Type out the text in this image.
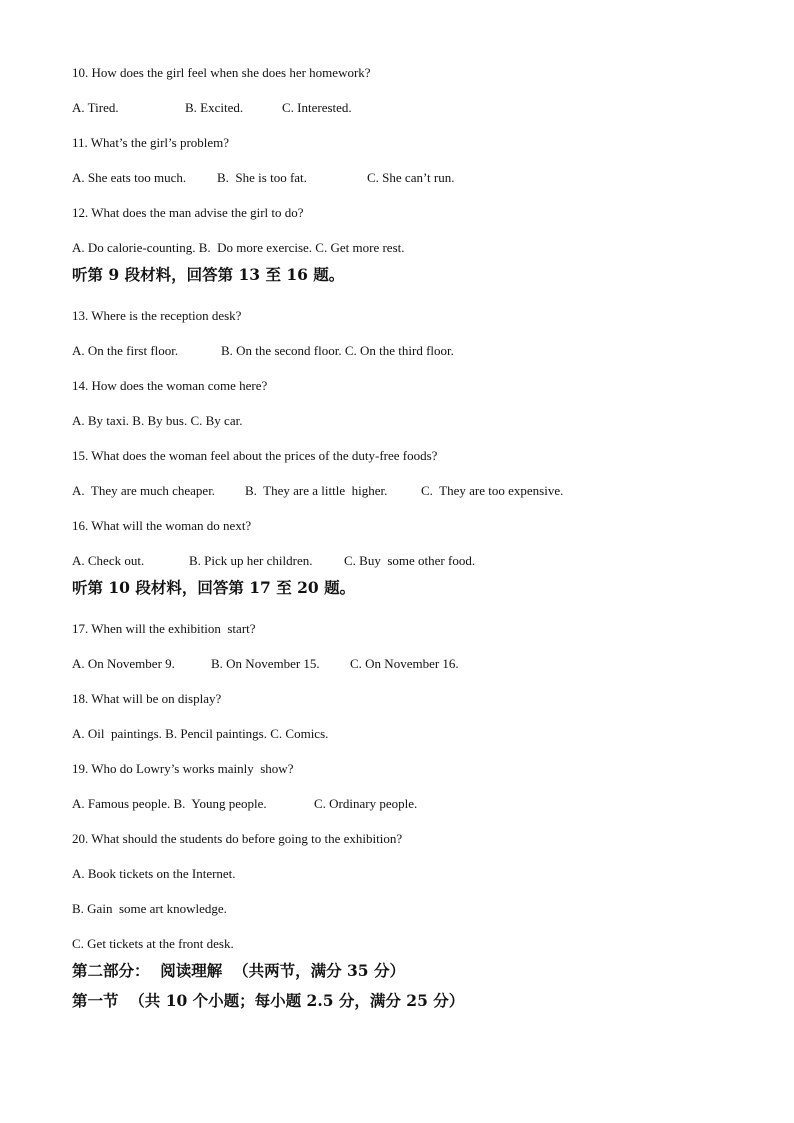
10. How does the girl feel when she does her homework?
A. Tired.	B. Excited.	C. Interested.
11. What’s the girl’s problem?
A. She eats too much. B.  She is too fat.	C. She can’t run.
12. What does the man advise the girl to do?
A. Do calorie-counting. B.  Do more exercise. C. Get more rest.
听第 9 段材料，回答第 13 至 16 题。
13. Where is the reception desk?
A. On the first floor.	B. On the second floor. C. On the third floor.
14. How does the woman come here?
A. By taxi. B. By bus. C. By car.
15. What does the woman feel about the prices of the duty-free foods?
A.  They are much cheaper. B.  They are a little  higher.	C.  They are too expensive.
16. What will the woman do next?
A. Check out.	B. Pick up her children. C. Buy  some other food.
听第 10 段材料，回答第 17 至 20 题。
17. When will the exhibition  start?
A. On November 9.	B. On November 15. C. On November 16.
18. What will be on display?
A. Oil  paintings. B. Pencil paintings. C. Comics.
19. Who do Lowry’s works mainly  show?
A. Famous people. B.  Young people.	C. Ordinary people.
20. What should the students do before going to the exhibition?
A. Book tickets on the Internet.
B. Gain  some art knowledge.
C. Get tickets at the front desk.
第二部分：  阅读理解  （共两节，满分 35 分）
第一节  （共 10 个小题；每小题 2.5 分，满分 25 分）
